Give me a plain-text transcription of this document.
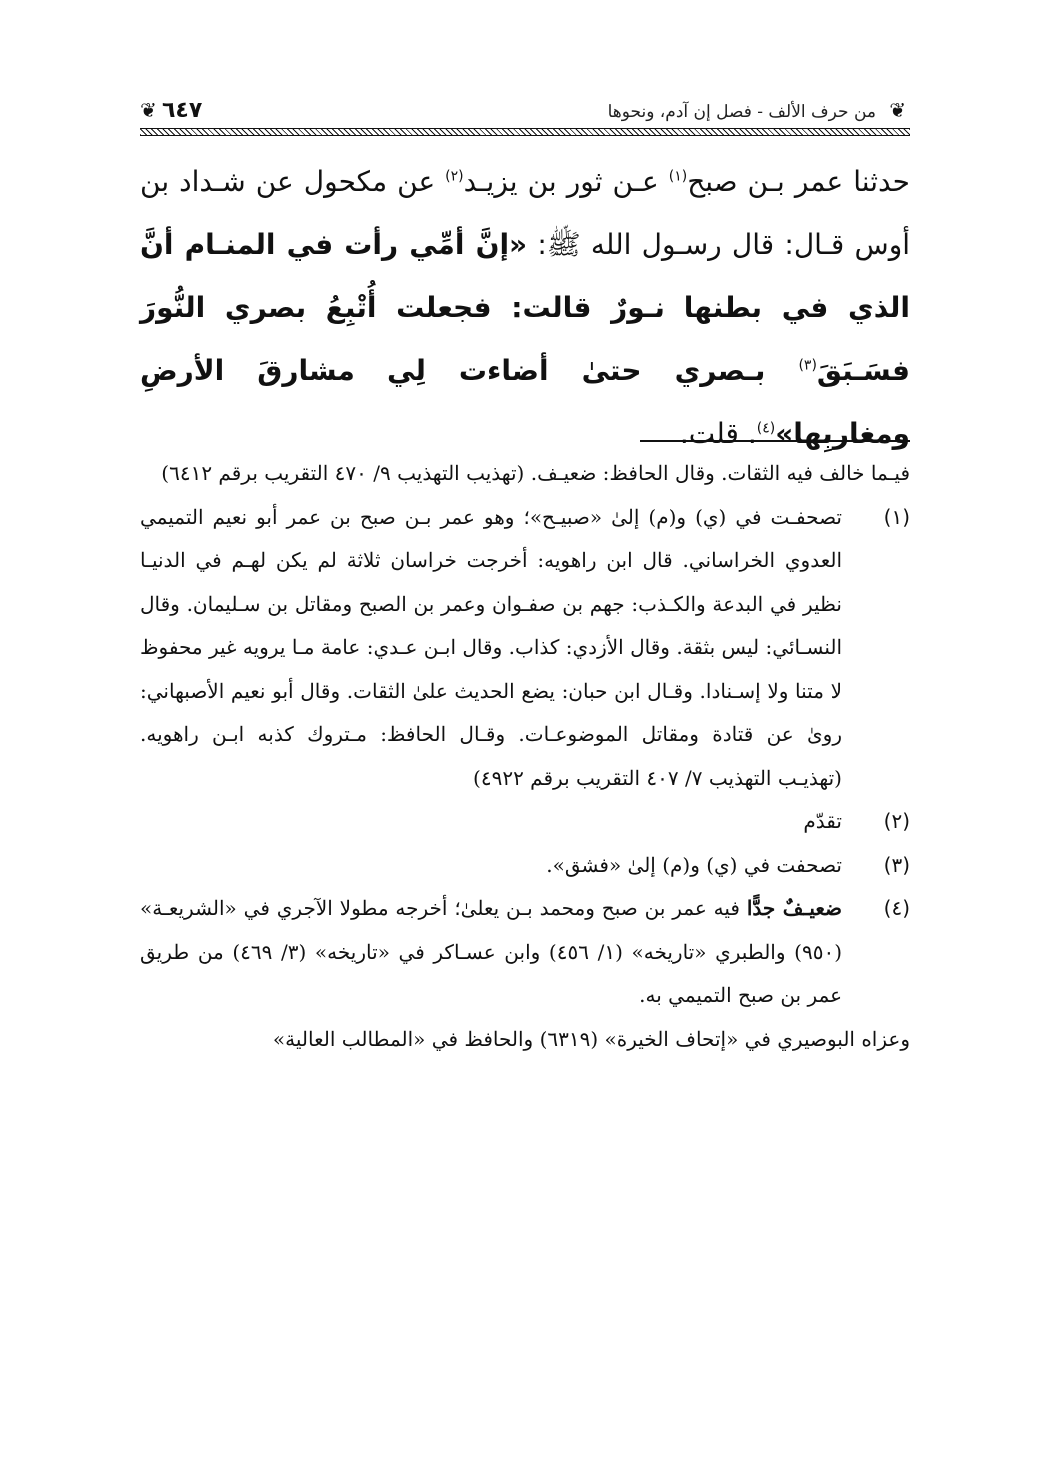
❦
من حرف الألف - فصل إن آدم، ونحوها
٦٤٧
❦
حدثنا عمر بـن صبح$^{(١)}$ عـن ثور بن يزيـد$^{(٢)}$ عن مكحول عن شـداد بن أوس قـال: قال رسـول الله ﷺ: «إنَّ أمِّي رأت في المنـام أنَّ الذي في بطنها نـورٌ قالت: فجعلت أُتْبِعُ بصري النُّورَ فسَـبَقَ$^{(٣)}$ بـصري حتىٰ أضاءت لِي مشارقَ الأرضِ ومغاربِها»$^{(٤)}$. قلت.
فيـما خالف فيه الثقات. وقال الحافظ: ضعيـف. (تهذيب التهذيب ٩/ ٤٧٠ التقريب برقم ٦٤١٢)
(١)
تصحفـت في (ي) و(م) إلىٰ «صبيـح»؛ وهو عمر بـن صبح بن عمر أبو نعيم التميمي العدوي الخراساني. قال ابن راهويه: أخرجت خراسان ثلاثة لم يكن لهـم في الدنيـا نظير في البدعة والكـذب: جهم بن صفـوان وعمر بن الصبح ومقاتل بن سـليمان. وقال النسـائي: ليس بثقة. وقال الأزدي: كذاب. وقال ابـن عـدي: عامة مـا يرويه غير محفوظ لا متنا ولا إسـنادا. وقـال ابن حبان: يضع الحديث علىٰ الثقات. وقال أبو نعيم الأصبهاني: روىٰ عن قتادة ومقاتل الموضوعـات. وقـال الحافظ: مـتروك كذبه ابـن راهويه. (تهذيـب التهذيب ٧/ ٤٠٧ التقريب برقم ٤٩٢٢)
(٢)
تقدّم
(٣)
تصحفت في (ي) و(م) إلىٰ «فشق».
(٤)
ضعيـفٌ جدًّا فيه عمر بن صبح ومحمد بـن يعلىٰ؛ أخرجه مطولا الآجري في «الشريعـة» (٩٥٠) والطبري «تاريخه» (١/ ٤٥٦) وابن عسـاكر في «تاريخه» (٣/ ٤٦٩) من طريق عمر بن صبح التميمي به.
وعزاه البوصيري في «إتحاف الخيرة» (٦٣١٩) والحافظ في «المطالب العالية»
